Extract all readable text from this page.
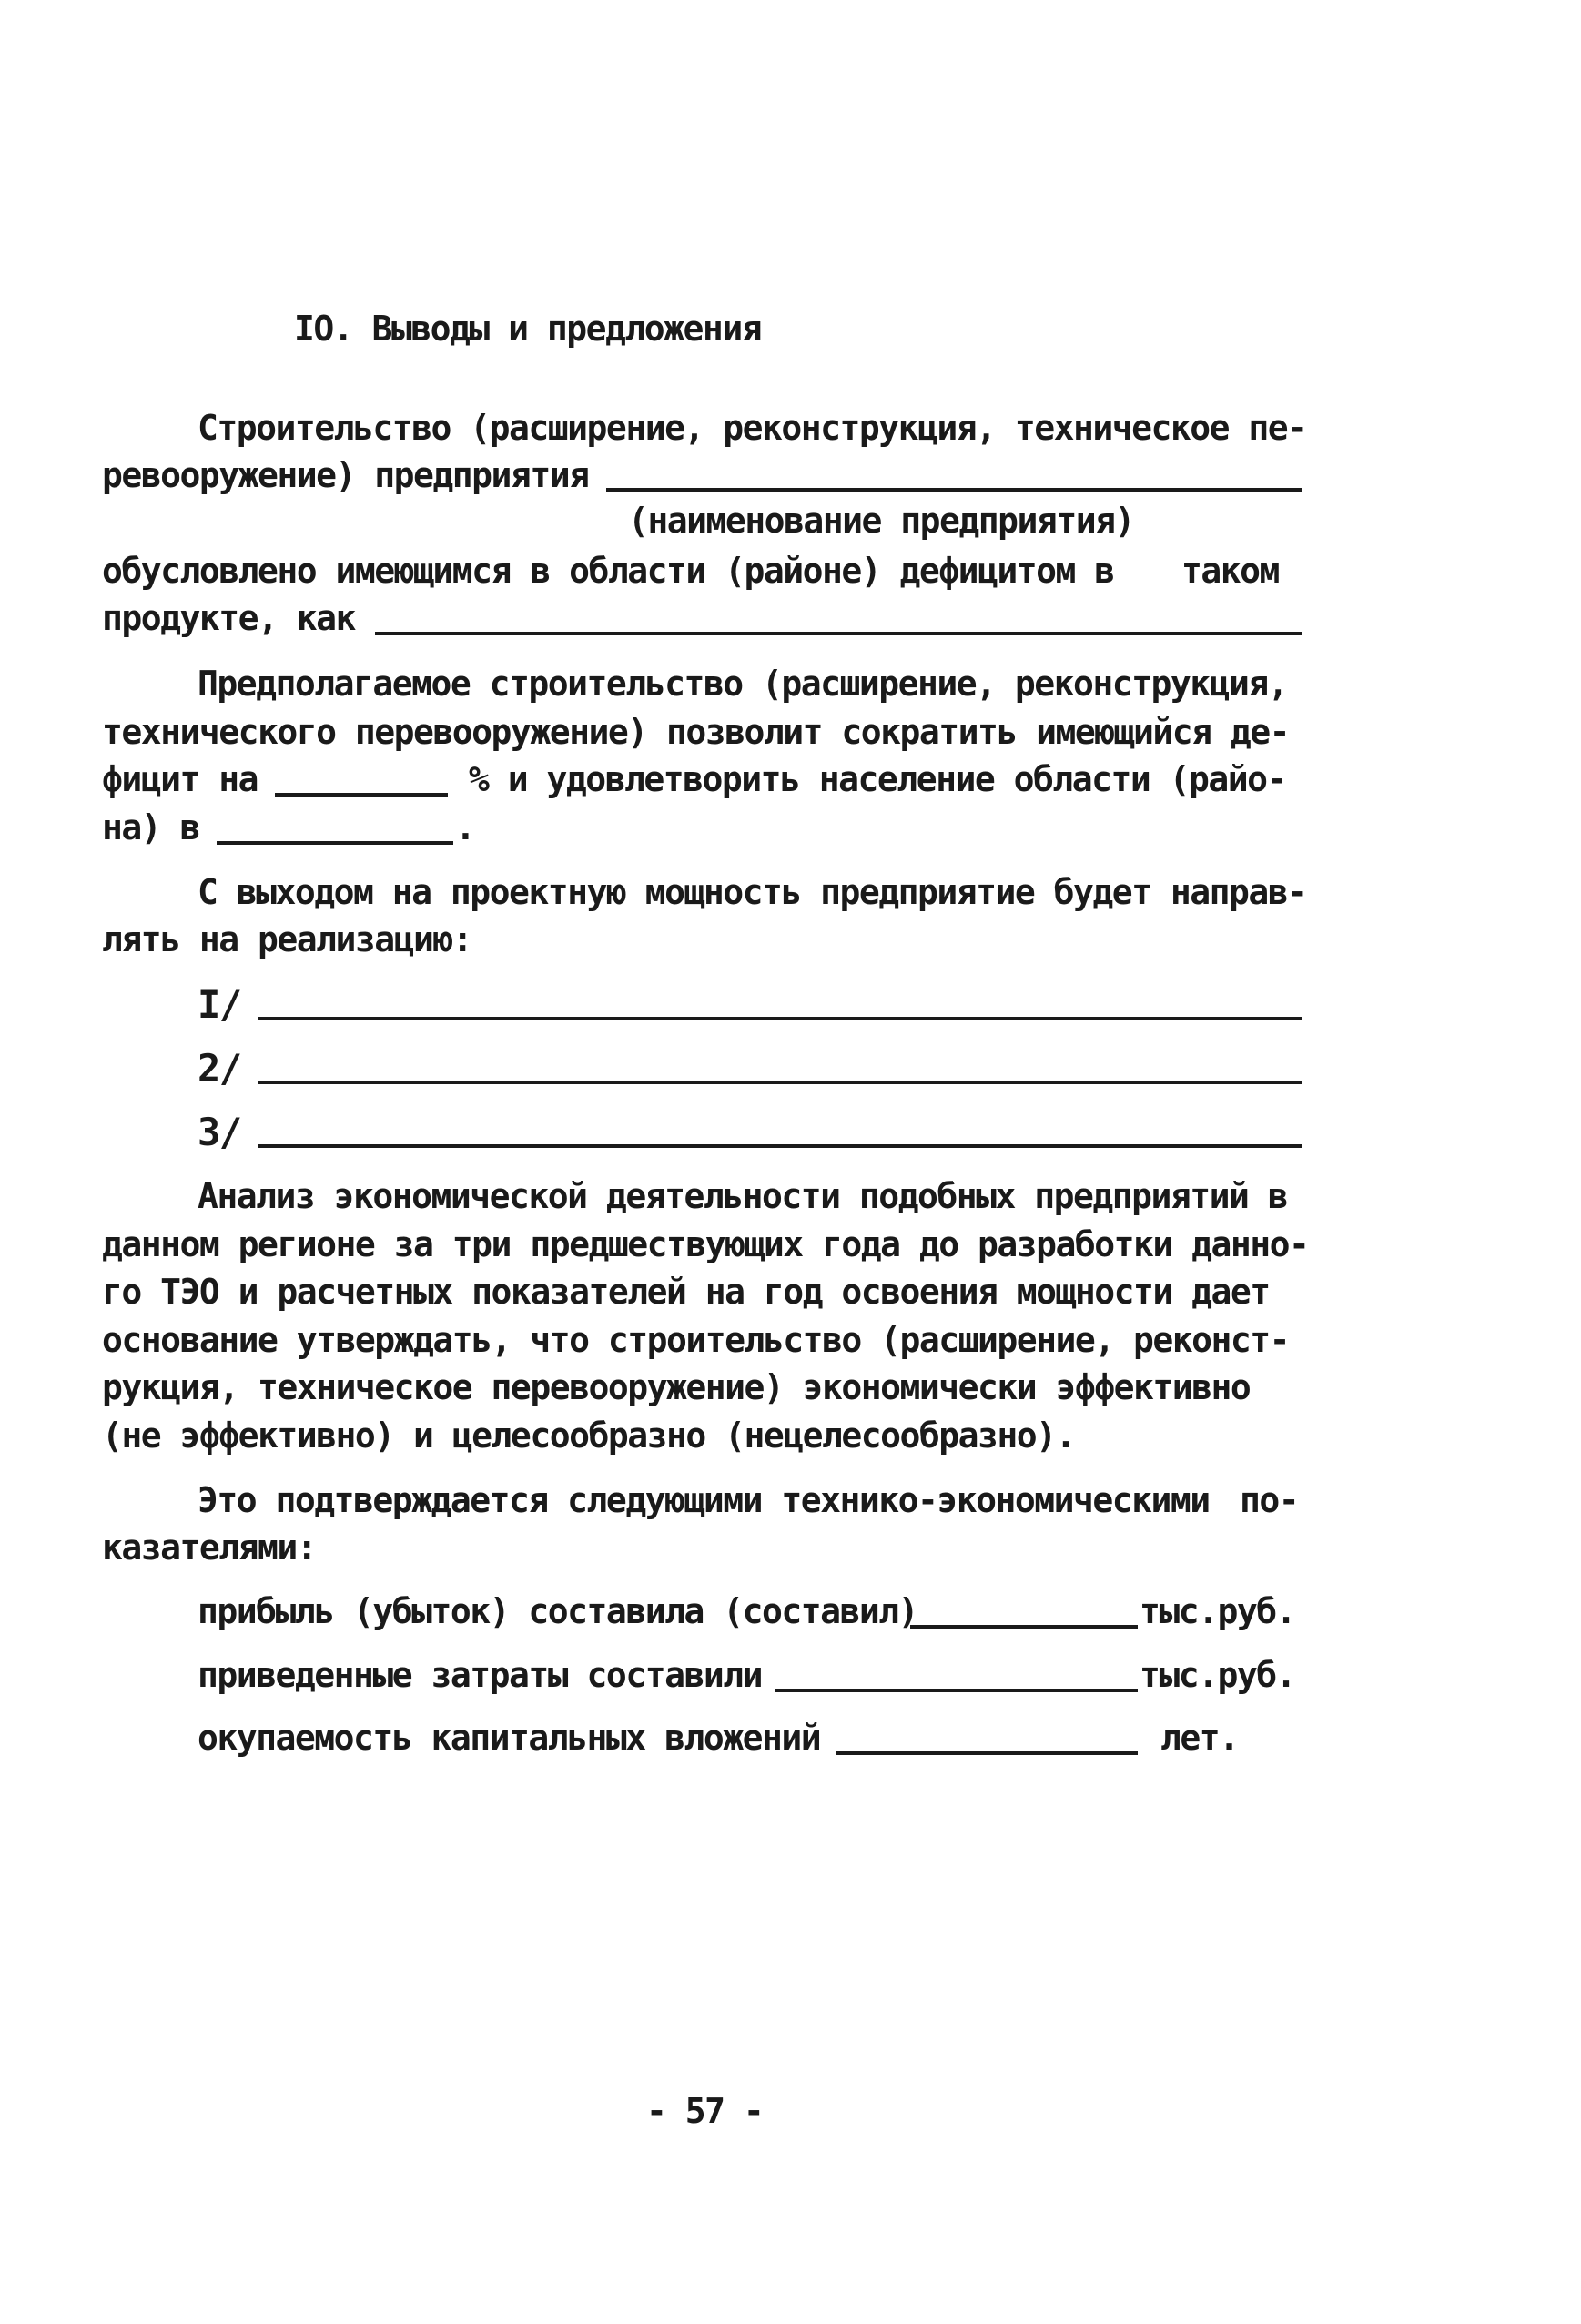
IO. Выводы и предложения
Строительство (расширение, реконструкция, техническое пе-
ревооружение) предприятия
(наименование предприятия)
обусловлено имеющимся в области (районе) дефицитом в таком
продукте, как
Предполагаемое строительство (расширение, реконструкция,
технического перевооружение) позволит сократить имеющийся де-
фицит на	% и удовлетворить население области (райо-
на) в	.
С выходом на проектную мощность предприятие будет направ-
лять на реализацию:
I/
2/
3/
Анализ экономической деятельности подобных предприятий в
данном регионе за три предшествующих года до разработки данно-
го ТЭО и расчетных показателей на год освоения мощности дает
основание утверждать, что строительство (расширение, реконст-
рукция, техническое перевооружение) экономически эффективно
(не эффективно) и целесообразно (нецелесообразно).
Это подтверждается следующими технико-экономическими по-
казателями:
прибыль (убыток) составила (составил)	тыс.руб.
приведенные затраты составили	тыс.руб.
окупаемость капитальных вложений	лет.
- 57 -
